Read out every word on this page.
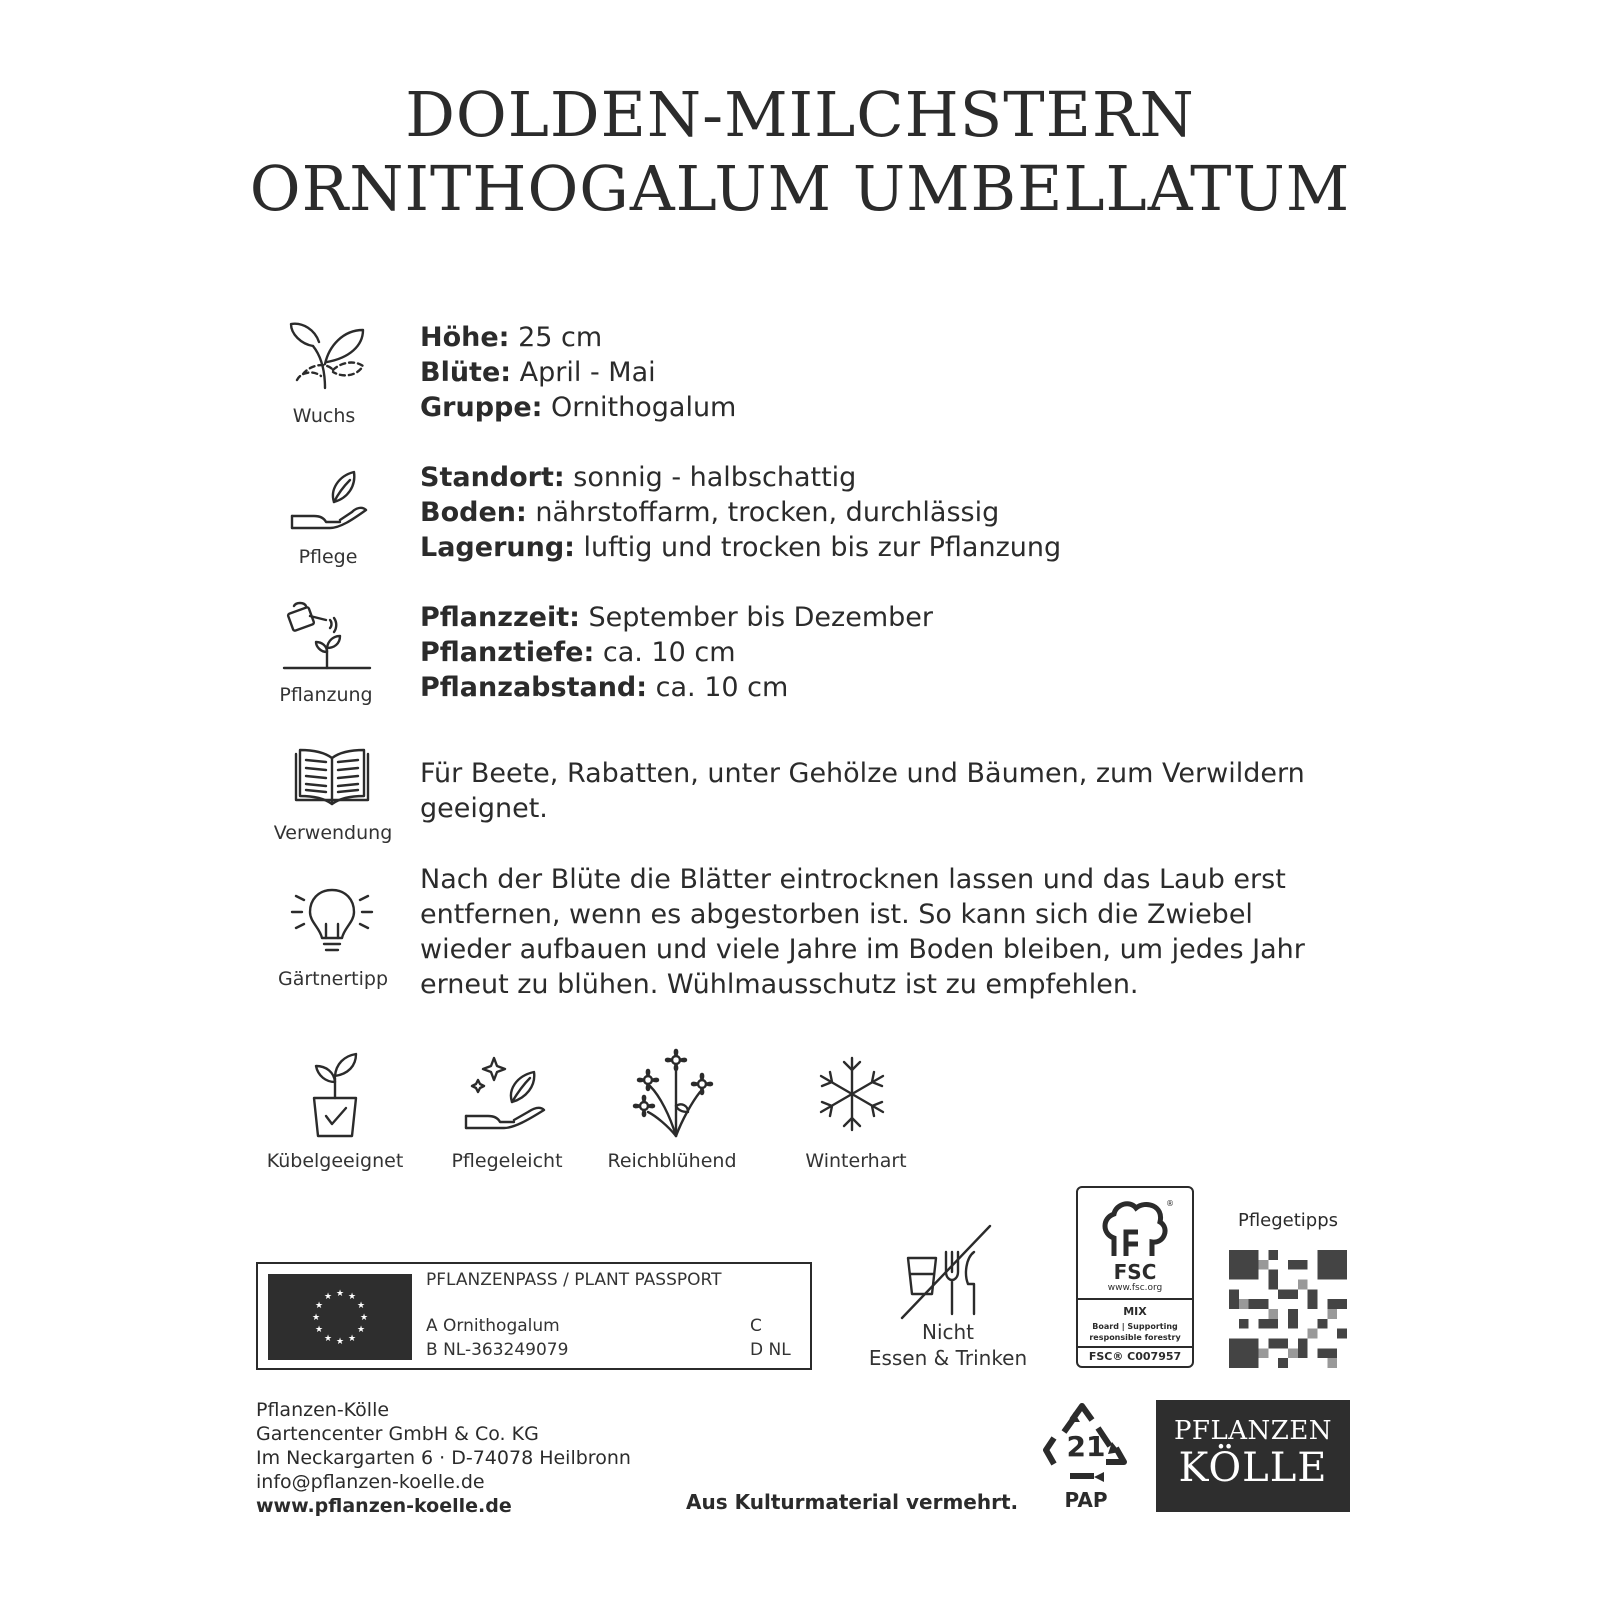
DOLDEN-MILCHSTERN
ORNITHOGALUM UMBELLATUM
Wuchs
Höhe: 25 cm
Blüte: April - Mai
Gruppe: Ornithogalum
Pflege
Standort: sonnig - halbschattig
Boden: nährstoffarm, trocken, durchlässig
Lagerung: luftig und trocken bis zur Pflanzung
Pflanzung
Pflanzzeit: September bis Dezember
Pflanztiefe: ca. 10 cm
Pflanzabstand: ca. 10 cm
Verwendung
Für Beete, Rabatten, unter Gehölze und Bäumen, zum Verwildern
geeignet.
Gärtnertipp
Nach der Blüte die Blätter eintrocknen lassen und das Laub erst
entfernen, wenn es abgestorben ist. So kann sich die Zwiebel
wieder aufbauen und viele Jahre im Boden bleiben, um jedes Jahr
erneut zu blühen. Wühlmausschutz ist zu empfehlen.
Kübelgeeignet	Pflegeleicht	Reichblühend	Winterhart
★ ★
★
★
★
★
★
★
★
★
★
★
PFLANZENPASS / PLANT PASSPORT
A Ornithogalum
B NL-363249079
C
D NL
Nicht
Essen & Trinken
®
FSC
www.fsc.org
MIX
Board | Supporting
responsible forestry
FSC® C007957
Pflegetipps
Pflanzen-Kölle
Gartencenter GmbH & Co. KG
Im Neckargarten 6 · D-74078 Heilbronn
info@pflanzen-koelle.de
www.pflanzen-koelle.de	Aus Kulturmaterial vermehrt.
21
PAP
PFLANZEN
KÖLLE
